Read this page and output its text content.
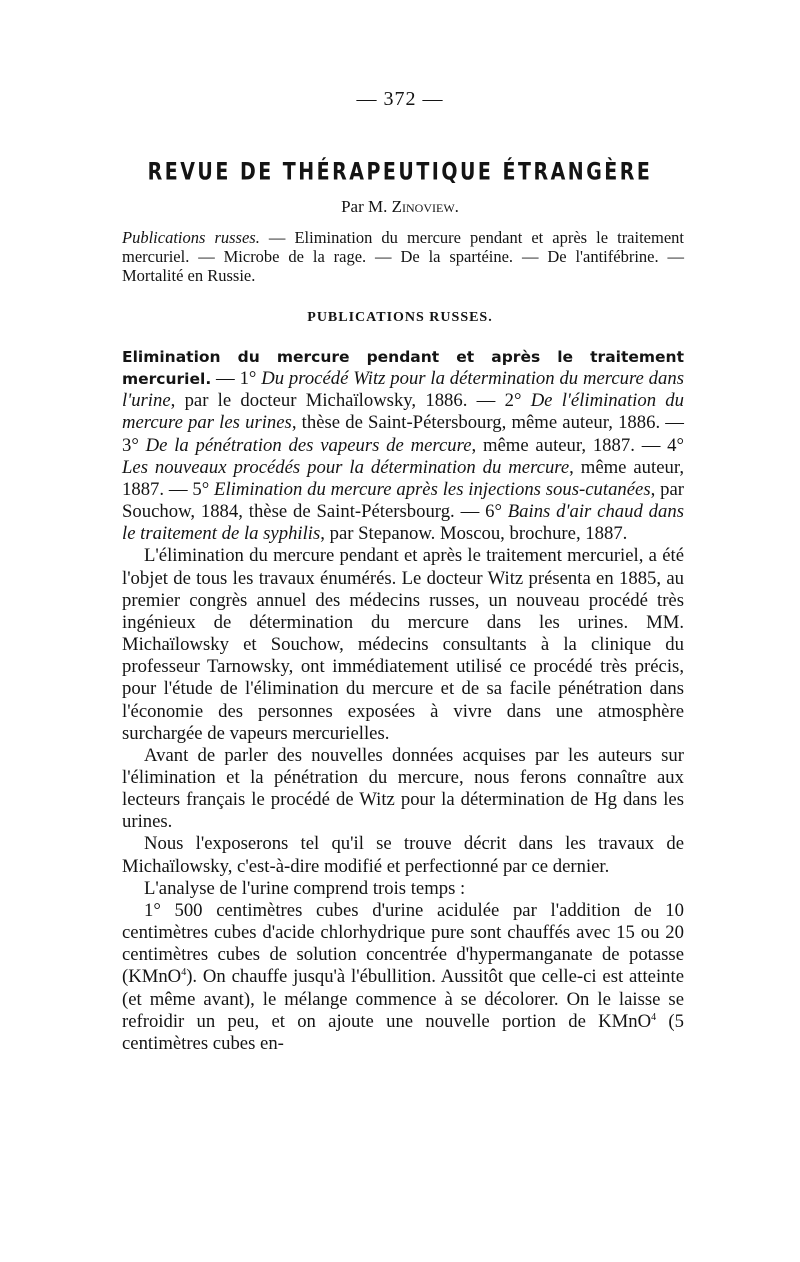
— 372 —
REVUE DE THÉRAPEUTIQUE ÉTRANGÈRE
Par M. Zinoview.
Publications russes. — Elimination du mercure pendant et après le traitement mercuriel. — Microbe de la rage. — De la spartéine. — De l'antifébrine. — Mortalité en Russie.
PUBLICATIONS RUSSES.

Elimination du mercure pendant et après le traitement mercuriel. — 1° Du procédé Witz pour la détermination du mercure dans l'urine, par le docteur Michaïlowsky, 1886. — 2° De l'élimination du mercure par les urines, thèse de Saint-Pétersbourg, même auteur, 1886. — 3° De la pénétration des vapeurs de mercure, même auteur, 1887. — 4° Les nouveaux procédés pour la détermination du mercure, même auteur, 1887. — 5° Elimination du mercure après les injections sous-cutanées, par Souchow, 1884, thèse de Saint-Pétersbourg. — 6° Bains d'air chaud dans le traitement de la syphilis, par Stepanow. Moscou, brochure, 1887.

L'élimination du mercure pendant et après le traitement mercuriel, a été l'objet de tous les travaux énumérés. Le docteur Witz présenta en 1885, au premier congrès annuel des médecins russes, un nouveau procédé très ingénieux de détermination du mercure dans les urines. MM. Michaïlowsky et Souchow, médecins consultants à la clinique du professeur Tarnowsky, ont immédiatement utilisé ce procédé très précis, pour l'étude de l'élimination du mercure et de sa facile pénétration dans l'économie des personnes exposées à vivre dans une atmosphère surchargée de vapeurs mercurielles.

Avant de parler des nouvelles données acquises par les auteurs sur l'élimination et la pénétration du mercure, nous ferons connaître aux lecteurs français le procédé de Witz pour la détermination de Hg dans les urines.

Nous l'exposerons tel qu'il se trouve décrit dans les travaux de Michaïlowsky, c'est-à-dire modifié et perfectionné par ce dernier.

L'analyse de l'urine comprend trois temps :

1° 500 centimètres cubes d'urine acidulée par l'addition de 10 centimètres cubes d'acide chlorhydrique pure sont chauffés avec 15 ou 20 centimètres cubes de solution concentrée d'hypermanganate de potasse (KMnO$^4$). On chauffe jusqu'à l'ébullition. Aussitôt que celle-ci est atteinte (et même avant), le mélange commence à se décolorer. On le laisse se refroidir un peu, et on ajoute une nouvelle portion de KMnO$^4$ (5 centimètres cubes en-
